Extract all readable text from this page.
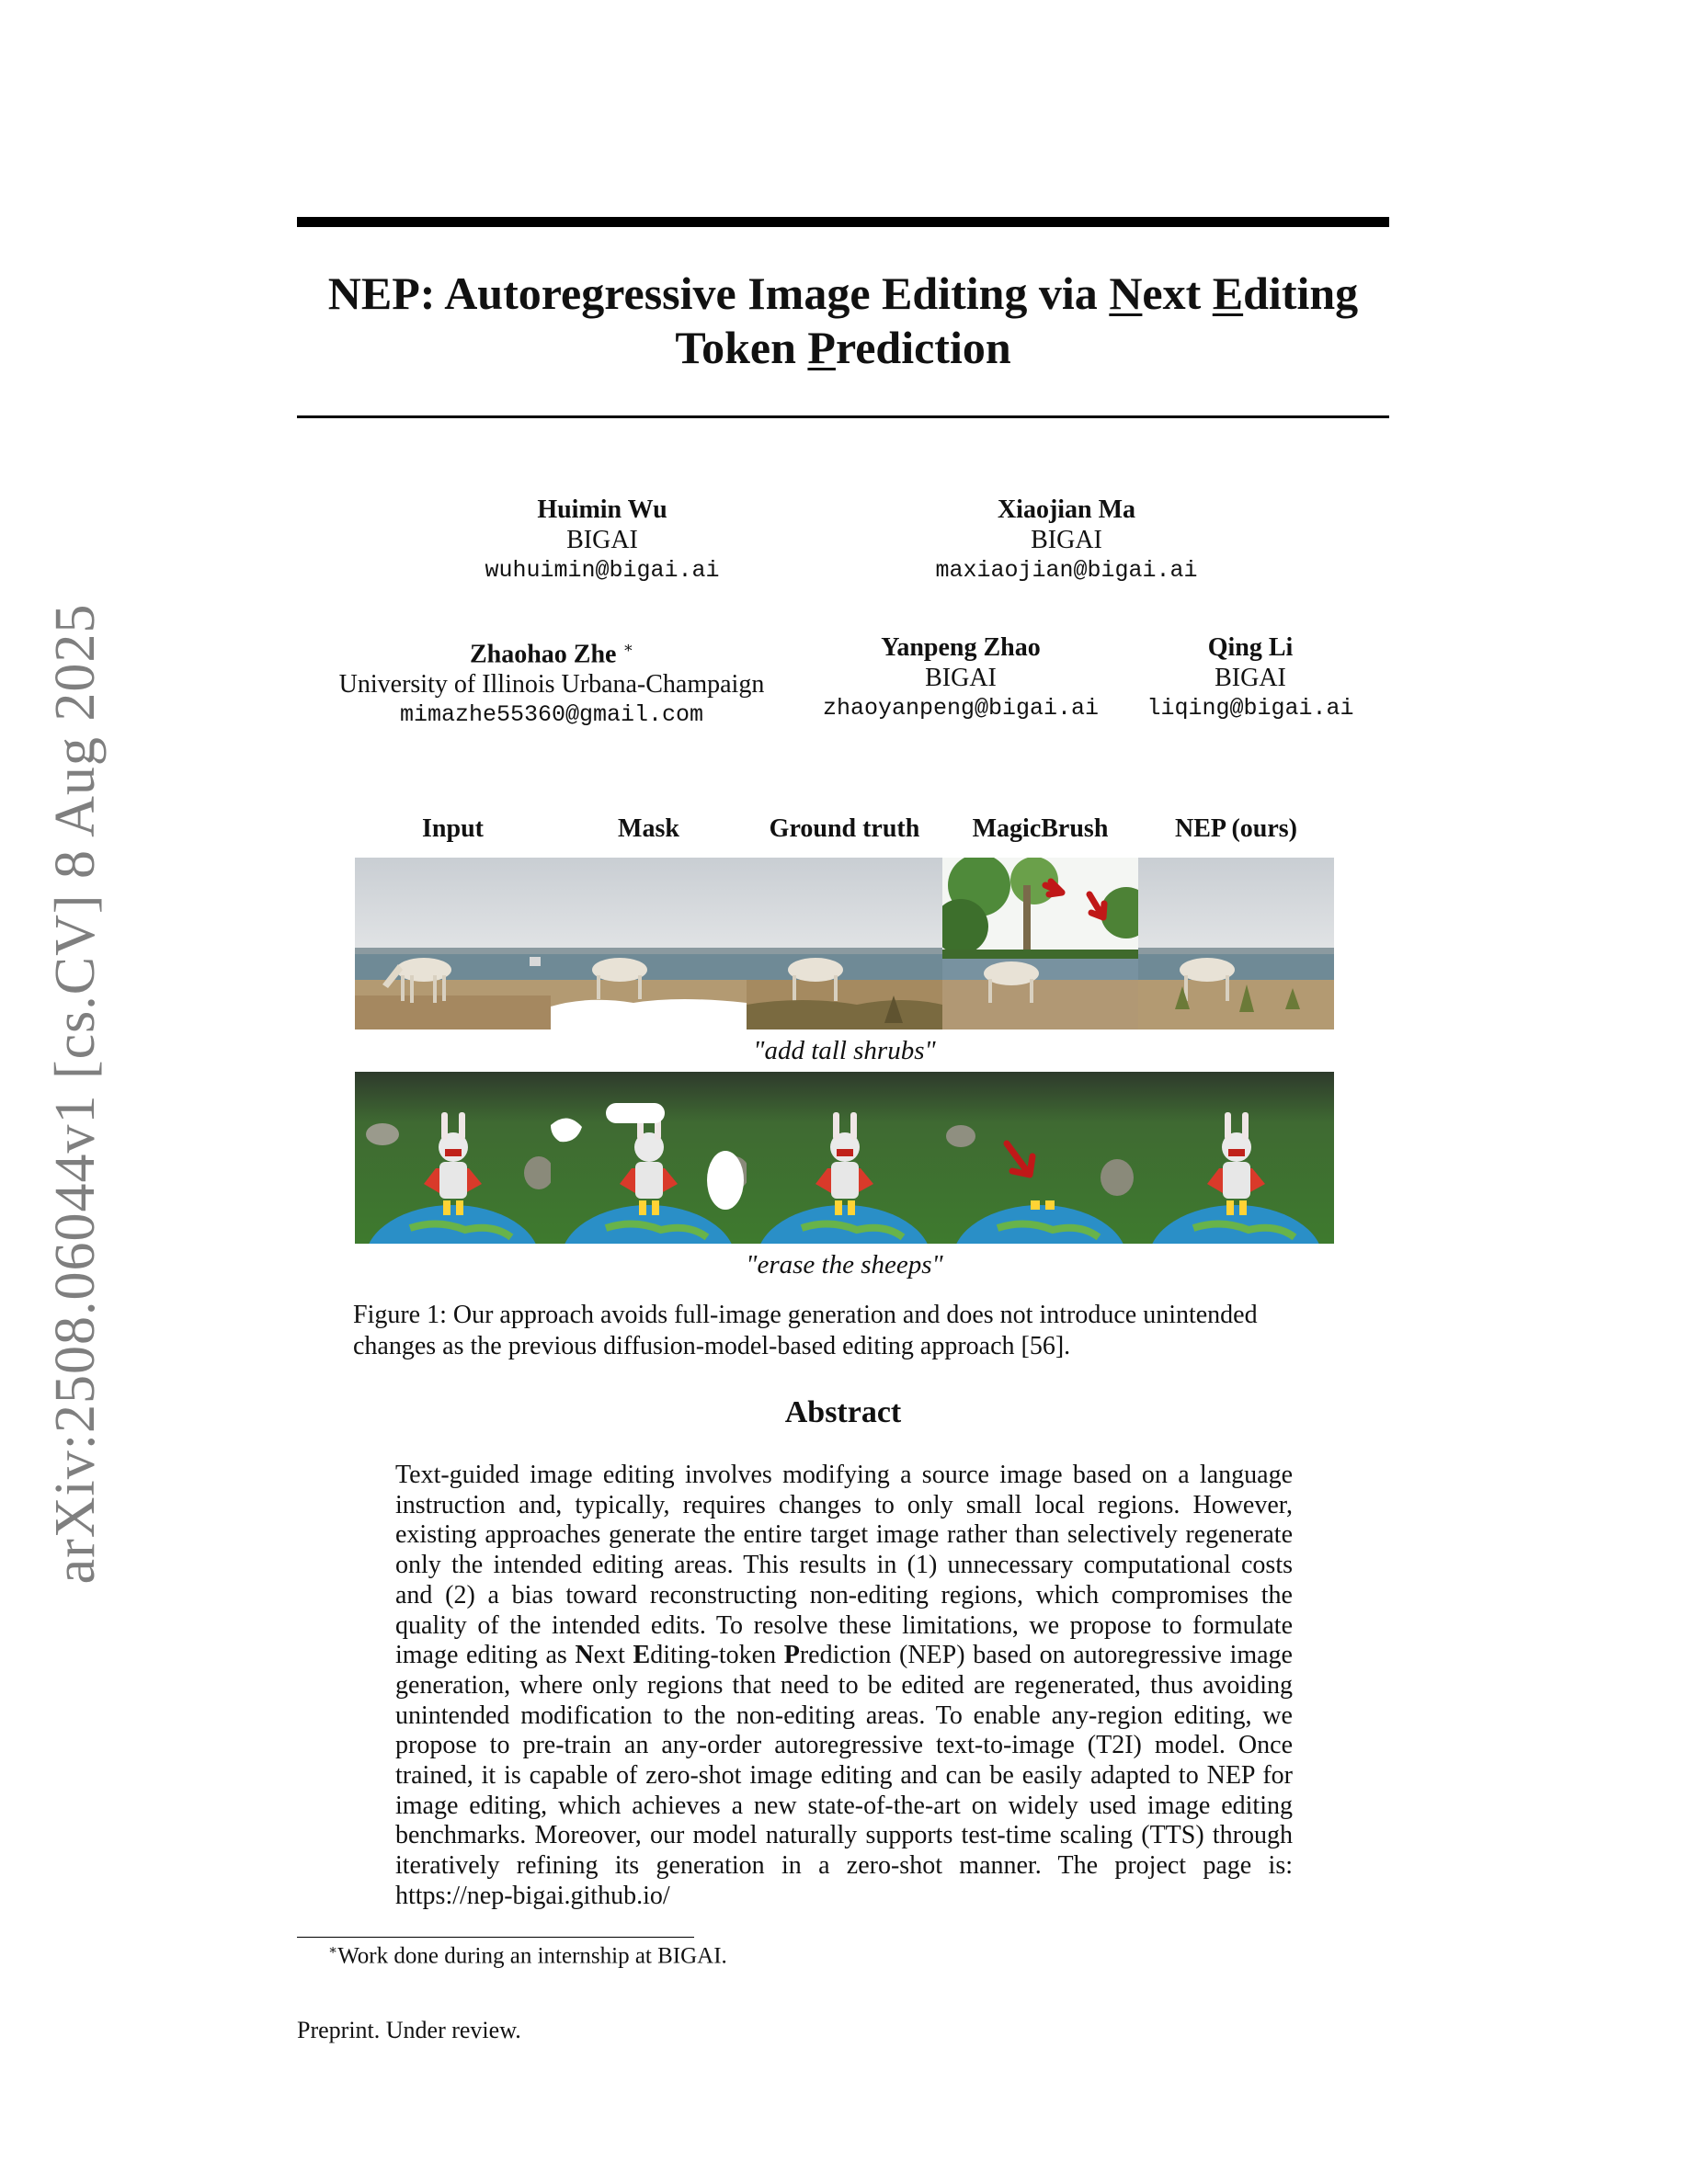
arXiv:2508.06044v1 [cs.CV] 8 Aug 2025
NEP: Autoregressive Image Editing via Next Editing
Token Prediction
Huimin Wu
BIGAI
wuhuimin@bigai.ai
Xiaojian Ma
BIGAI
maxiaojian@bigai.ai
Zhaohao Zhe ∗
University of Illinois Urbana-Champaign
mimazhe55360@gmail.com
Yanpeng Zhao
BIGAI
zhaoyanpeng@bigai.ai
Qing Li
BIGAI
liqing@bigai.ai
Input	Mask	Ground truth	MagicBrush	NEP (ours)
"add tall shrubs"
"erase the sheeps"
Figure 1: Our approach avoids full-image generation and does not introduce unintended changes as the previous diffusion-model-based editing approach [56].
Abstract
Text-guided image editing involves modifying a source image based on a language instruction and, typically, requires changes to only small local regions. However, existing approaches generate the entire target image rather than selectively regenerate only the intended editing areas. This results in (1) unnecessary computational costs and (2) a bias toward reconstructing non-editing regions, which compromises the quality of the intended edits. To resolve these limitations, we propose to formulate image editing as Next Editing-token Prediction (NEP) based on autoregressive image generation, where only regions that need to be edited are regenerated, thus avoiding unintended modification to the non-editing areas. To enable any-region editing, we propose to pre-train an any-order autoregressive text-to-image (T2I) model. Once trained, it is capable of zero-shot image editing and can be easily adapted to NEP for image editing, which achieves a new state-of-the-art on widely used image editing benchmarks. Moreover, our model naturally supports test-time scaling (TTS) through iteratively refining its generation in a zero-shot manner. The project page is: https://nep-bigai.github.io/
∗Work done during an internship at BIGAI.
Preprint. Under review.
